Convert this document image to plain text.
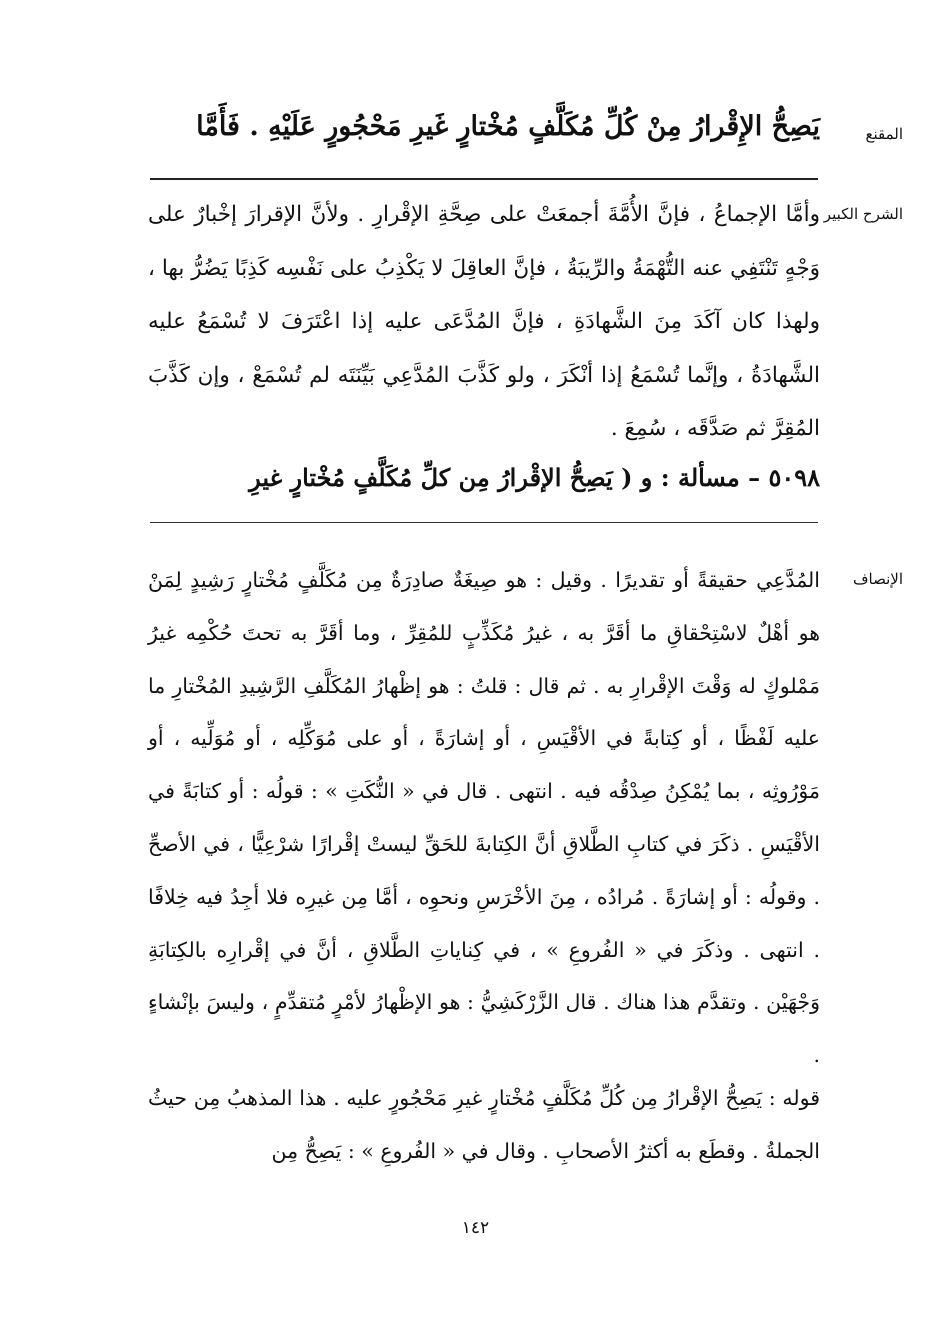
المقنع
يَصِحُّ الإِقْرارُ مِنْ كُلِّ مُكَلَّفٍ مُخْتارٍ غَيرِ مَحْجُورٍ عَلَيْهِ . فَأَمَّا
الشرح الكبير

وأمَّا الإجماعُ ، فإنَّ الأُمَّةَ أجمعَتْ على صِحَّةِ الإقْرارِ . ولأنَّ الإقرارَ إخْبارٌ على وَجْهٍ تَنْتَفِي عنه التُّهْمَةُ والرِّيبَةُ ، فإنَّ العاقِلَ لا يَكْذِبُ على نَفْسِه كَذِبًا يَضُرُّ بها ، ولهذا كان آكَدَ مِنَ الشَّهادَةِ ، فإنَّ المُدَّعَى عليه إذا اعْتَرَفَ لا تُسْمَعُ عليه الشَّهادَةُ ، وإنَّما تُسْمَعُ إذا أنْكَرَ ، ولو كَذَّبَ المُدَّعِي بَيِّنَتَه لم تُسْمَعْ ، وإن كَذَّبَ المُقِرَّ ثم صَدَّقَه ، سُمِعَ .

٥٠٩٨ – مسألة : و ( يَصِحُّ الإقْرارُ مِن كلِّ مُكَلَّفٍ مُخْتارٍ غيرِ
الإنصاف

المُدَّعِي حقيقةً أو تقديرًا . وقيل : هو صِيغَةٌ صادِرَةٌ مِن مُكَلَّفٍ مُخْتارٍ رَشِيدٍ لِمَنْ هو أهْلٌ لاسْتِحْقاقِ ما أقَرَّ به ، غيرُ مُكَذِّبٍ للمُقِرِّ ، وما أقَرَّ به تحتَ حُكْمِه غيرُ مَمْلوكٍ له وَقْتَ الإقْرارِ به . ثم قال : قلتُ : هو إظْهارُ المُكَلَّفِ الرَّشِيدِ المُخْتارِ ما عليه لَفْظًا ، أو كِتابةً في الأقْيَسِ ، أو إشارَةً ، أو على مُوَكِّلِه ، أو مُوَلِّيه ، أو مَوْرُوثِه ، بما يُمْكِنُ صِدْقُه فيه . انتهى . قال في « النُّكَتِ » : قولُه : أو كتابَةً في الأقْيَسِ . ذكَرَ في كتابِ الطَّلاقِ أنَّ الكِتابةَ للحَقِّ ليستْ إقْرارًا شرْعِيًّا ، في الأصحِّ . وقولُه : أو إشارَةً . مُرادُه ، مِنَ الأخْرَسِ ونحوِه ، أمَّا مِن غيرِه فلا أجِدُ فيه خِلافًا . انتهى . وذكَرَ في « الفُروعِ » ، في كِناياتِ الطَّلاقِ ، أنَّ في إقْرارِه بالكِتابَةِ وَجْهَيْن . وتقدَّم هذا هناك . قال الزَّرْكَشِيُّ : هو الإظْهارُ لأمْرٍ مُتقدِّمٍ ، وليسَ بإنْشاءٍ .

قوله : يَصِحُّ الإقْرارُ مِن كُلِّ مُكَلَّفٍ مُخْتارٍ غيرِ مَحْجُورٍ عليه . هذا المذهبُ مِن حيثُ الجملةُ . وقطَع به أكثرُ الأصحابِ . وقال في « الفُروعِ » : يَصِحُّ مِن

١٤٢
